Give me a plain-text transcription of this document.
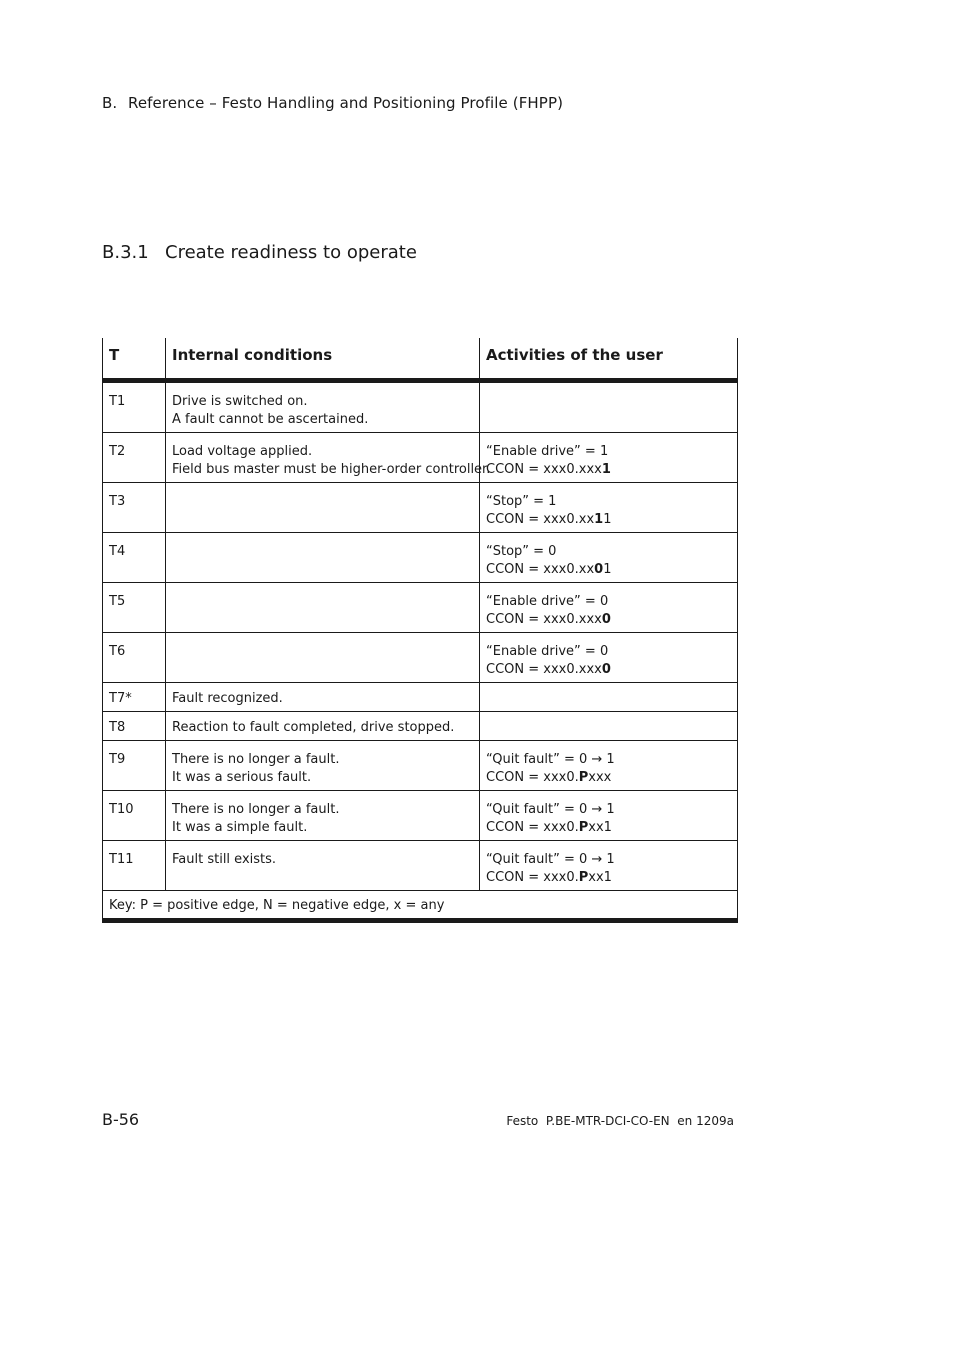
B. Reference – Festo Handling and Positioning Profile (FHPP)
B.3.1 Create readiness to operate
T	Internal conditions	Activities of the user
T1	Drive is switched on.
A fault cannot be ascertained.	

T2	Load voltage applied.
Field bus master must be higher-order controller.	“Enable drive” = 1
CCON = xxx0.xxx1

T3		“Stop” = 1
CCON = xxx0.xx11

T4		“Stop” = 0
CCON = xxx0.xx01

T5		“Enable drive” = 0
CCON = xxx0.xxx0

T6		“Enable drive” = 0
CCON = xxx0.xxx0

T7*	Fault recognized.	

T8	Reaction to fault completed, drive stopped.	

T9	There is no longer a fault.
It was a serious fault.	“Quit fault” = 0 → 1
CCON = xxx0.Pxxx

T10	There is no longer a fault.
It was a simple fault.	“Quit fault” = 0 → 1
CCON = xxx0.Pxx1

T11	Fault still exists.	“Quit fault” = 0 → 1
CCON = xxx0.Pxx1

Key: P = positive edge, N = negative edge, x = any		
B-56	Festo P.BE-MTR-DCI-CO-EN en 1209a
